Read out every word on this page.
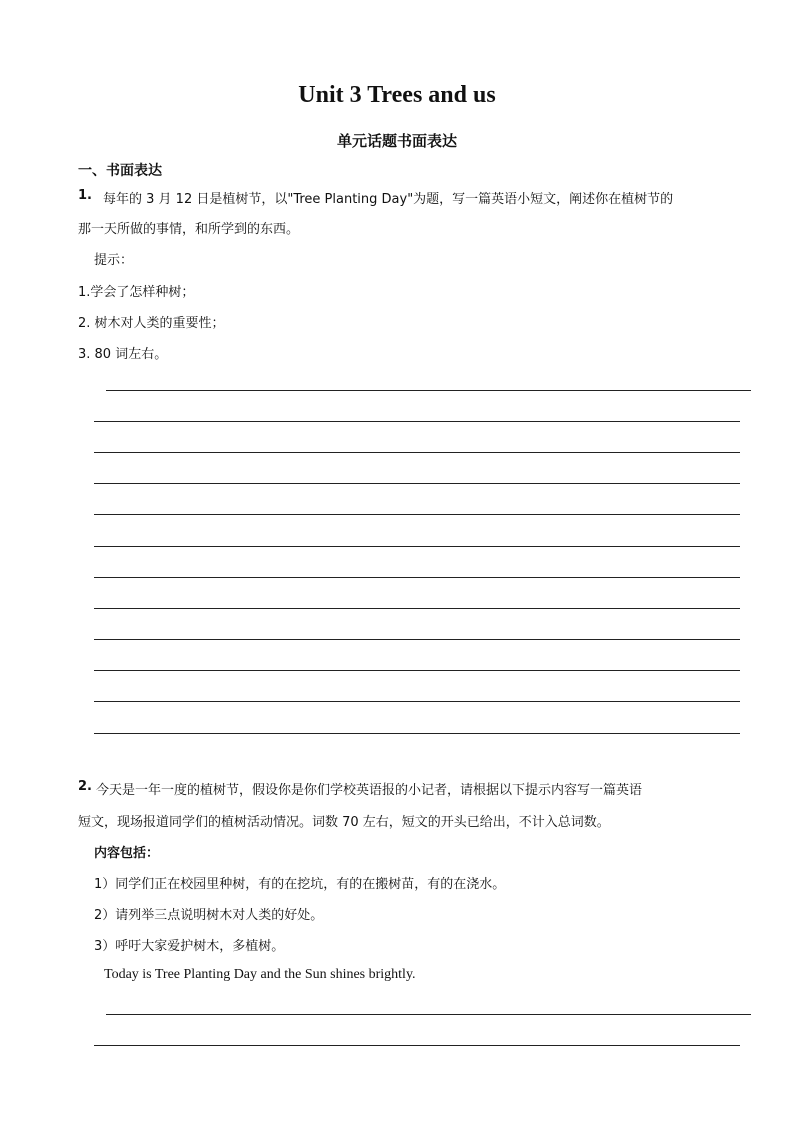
Unit 3 Trees and us
单元话题书面表达
一、书面表达
1. 每年的 3 月 12 日是植树节，以"Tree Planting Day"为题，写一篇英语小短文，阐述你在植树节的
那一天所做的事情，和所学到的东西。
提示：
1.学会了怎样种树；
2. 树木对人类的重要性；
3. 80 词左右。
2. 今天是一年一度的植树节，假设你是你们学校英语报的小记者，请根据以下提示内容写一篇英语
短文，现场报道同学们的植树活动情况。词数 70 左右，短文的开头已给出，不计入总词数。
内容包括：
1）同学们正在校园里种树，有的在挖坑，有的在搬树苗，有的在浇水。
2）请列举三点说明树木对人类的好处。
3）呼吁大家爱护树木，多植树。
Today is Tree Planting Day and the Sun shines brightly.
